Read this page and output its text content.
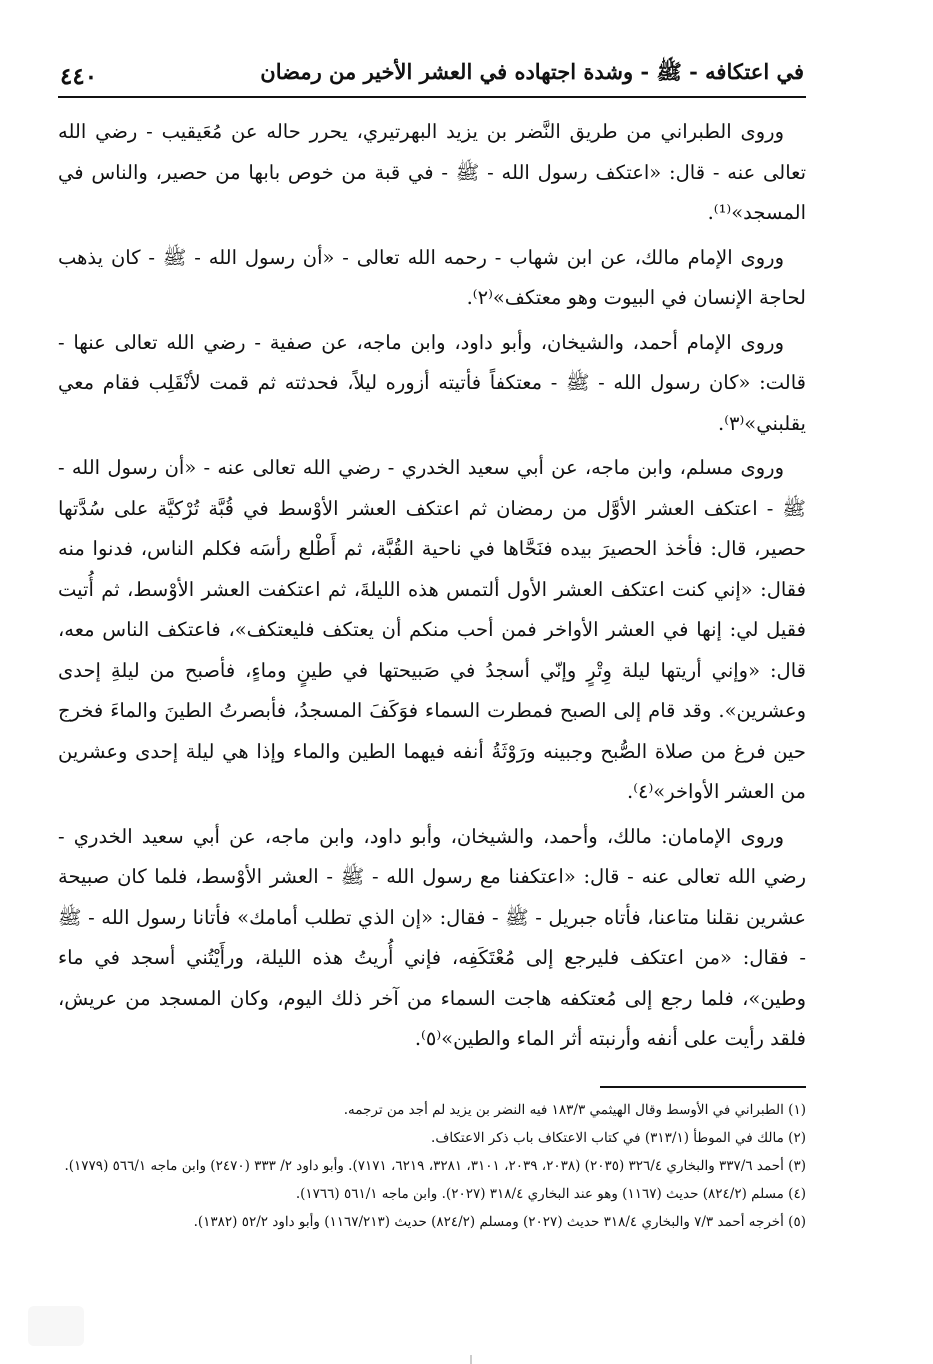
في اعتكافه - ﷺ - وشدة اجتهاده في العشر الأخير من رمضان
٤٤٠

وروى الطبراني من طريق النَّضر بن يزيد البهرتيري، يحرر حاله عن مُعَيقيب - رضي الله تعالى عنه - قال: «اعتكف رسول الله - ﷺ - في قبة من خوص بابها من حصير، والناس في المسجد»⁽¹⁾.

وروى الإمام مالك، عن ابن شهاب - رحمه الله تعالى - «أن رسول الله - ﷺ - كان يذهب لحاجة الإنسان في البيوت وهو معتكف»⁽٢⁾.

وروى الإمام أحمد، والشيخان، وأبو داود، وابن ماجه، عن صفية - رضي الله تعالى عنها - قالت: «كان رسول الله - ﷺ - معتكفاً فأتيته أزوره ليلاً، فحدثته ثم قمت لأنْقَلِب فقام معي يقلبني»⁽٣⁾.

وروى مسلم، وابن ماجه، عن أبي سعيد الخدري - رضي الله تعالى عنه - «أن رسول الله - ﷺ - اعتكف العشر الأوَّل من رمضان ثم اعتكف العشر الأوْسط في قُبَّة تُرْكيَّة على سُدَّتها حصير، قال: فأخذ الحصيرَ بيده فنَحَّاها في ناحية القُبَّة، ثم أَطْلع رأسَه فكلم الناس، فدنوا منه فقال: «إني كنت اعتكف العشر الأول ألتمس هذه الليلةَ، ثم اعتكفت العشر الأوْسط، ثم أُتيت فقيل لي: إنها في العشر الأواخر فمن أحب منكم أن يعتكف فليعتكف»، فاعتكف الناس معه، قال: «وإني أريتها ليلة وِتْرٍ وإنّي أسجدُ في صَبيحتها في طينٍ وماءٍ، فأصبح من ليلةِ إحدى وعشرين». وقد قام إلى الصبح فمطرت السماء فوَكَفَ المسجدُ، فأبصرتُ الطينَ والماءَ فخرج حين فرغ من صلاة الصُّبح وجبينه ورَوْثَةُ أنفه فيهما الطين والماء وإذا هي ليلة إحدى وعشرين من العشر الأواخر»⁽٤⁾.

وروى الإمامان: مالك، وأحمد، والشيخان، وأبو داود، وابن ماجه، عن أبي سعيد الخدري - رضي الله تعالى عنه - قال: «اعتكفنا مع رسول الله - ﷺ - العشر الأوْسط، فلما كان صبيحة عشرين نقلنا متاعنا، فأتاه جبريل - ﷺ - فقال: «إن الذي تطلب أمامك» فأتانا رسول الله - ﷺ - فقال: «من اعتكف فليرجع إلى مُعْتَكَفِه، فإني أُريتُ هذه الليلة، ورأَيْتُني أسجد في ماء وطين»، فلما رجع إلى مُعتكفه هاجت السماء من آخر ذلك اليوم، وكان المسجد من عريش، فلقد رأيت على أنفه وأرنبته أثر الماء والطين»⁽٥⁾.

(١) الطبراني في الأوسط وقال الهيثمي ١٨٣/٣ فيه النضر بن يزيد لم أجد من ترجمه.

(٢) مالك في الموطأ (٣١٣/١) في كتاب الاعتكاف باب ذكر الاعتكاف.

(٣) أحمد ٣٣٧/٦ والبخاري ٣٢٦/٤ (٢٠٣٥) (٢٠٣٨، ٢٠٣٩، ٣١٠١، ٣٢٨١، ٦٢١٩، ٧١٧١). وأبو داود ٢/ ٣٣٣ (٢٤٧٠) وابن ماجه ٥٦٦/١ (١٧٧٩).

(٤) مسلم (٨٢٤/٢) حديث (١١٦٧) وهو عند البخاري ٣١٨/٤ (٢٠٢٧). وابن ماجه ٥٦١/١ (١٧٦٦).

(٥) أخرجه أحمد ٧/٣ والبخاري ٣١٨/٤ حديث (٢٠٢٧) ومسلم (٨٢٤/٢) حديث (١١٦٧/٢١٣) وأبو داود ٥٢/٢ (١٣٨٢).
